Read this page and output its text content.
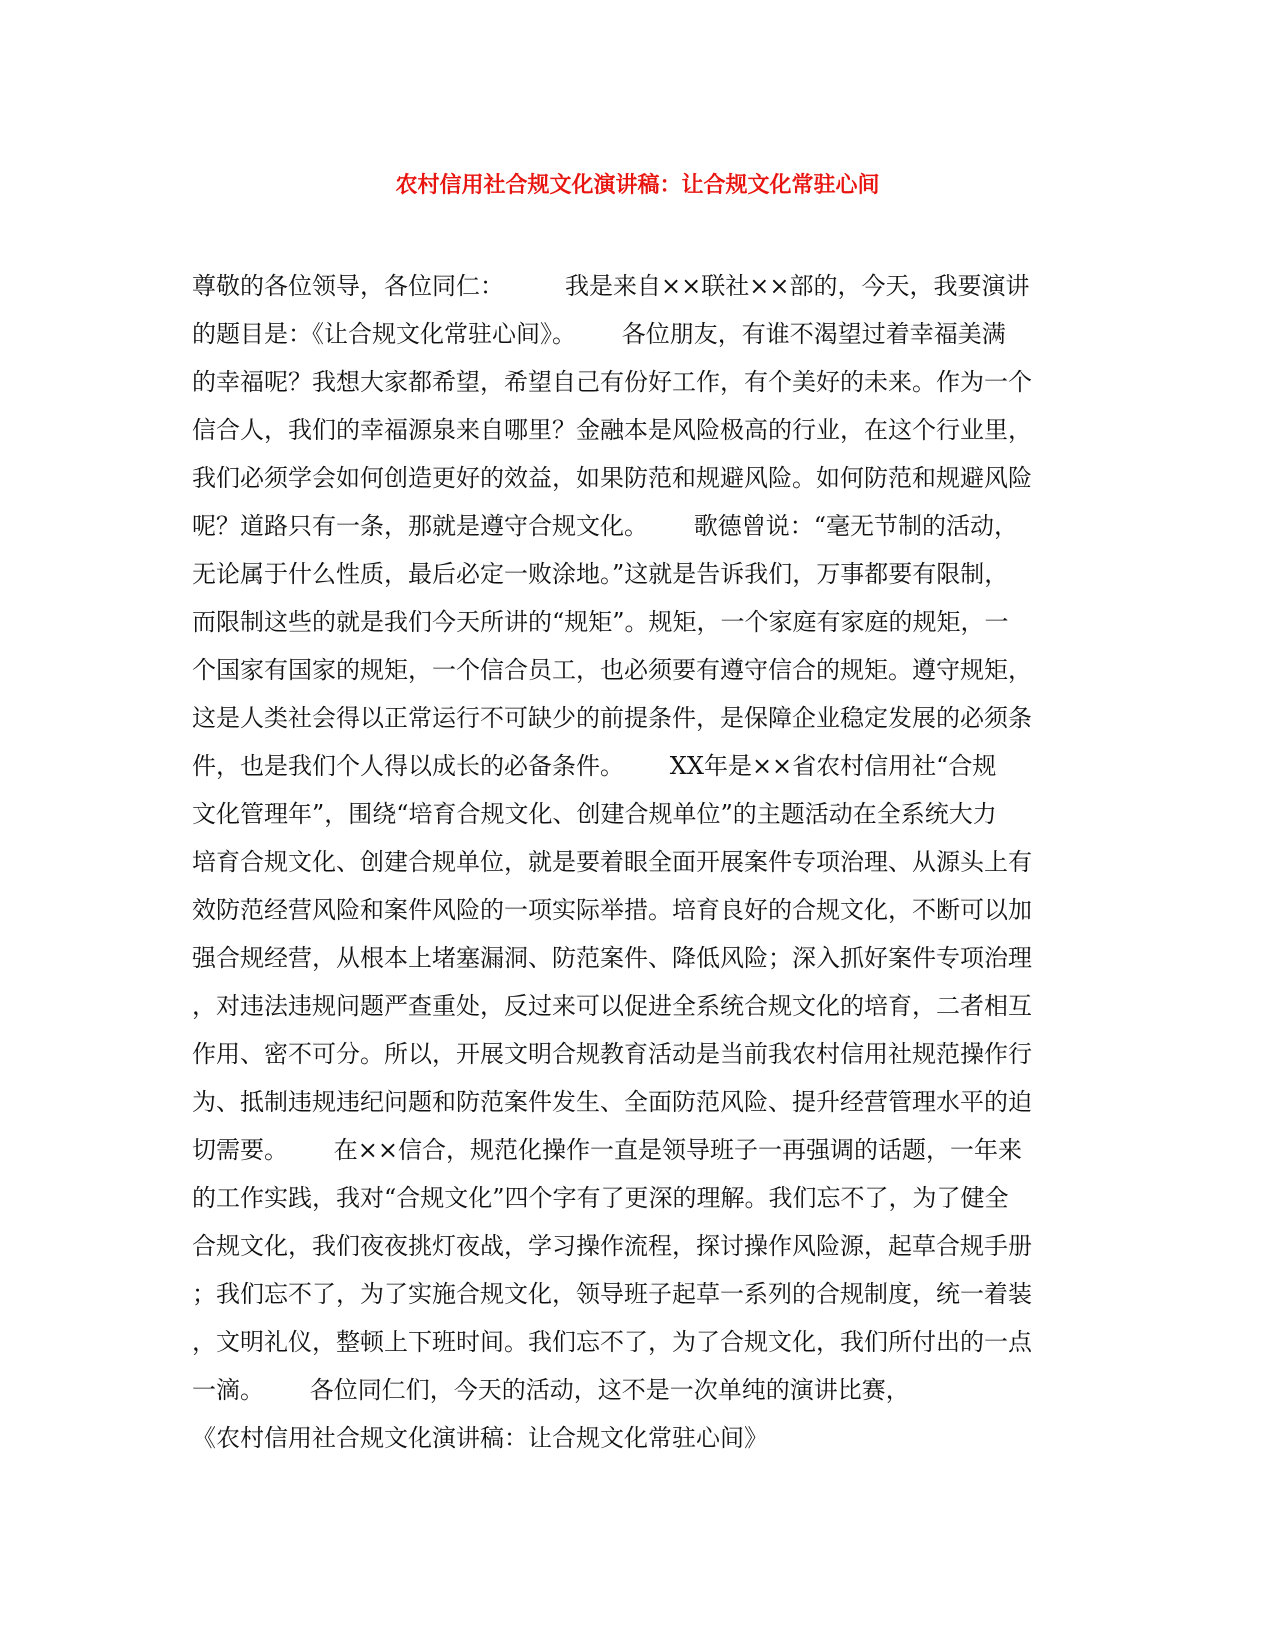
农村信用社合规文化演讲稿：让合规文化常驻心间
尊敬的各位领导，各位同仁：        我是来自××联社××部的，今天，我要演讲
的题目是：《让合规文化常驻心间》。      各位朋友，有谁不渴望过着幸福美满
的幸福呢？我想大家都希望，希望自己有份好工作，有个美好的未来。作为一个
信合人，我们的幸福源泉来自哪里？金融本是风险极高的行业，在这个行业里，
我们必须学会如何创造更好的效益，如果防范和规避风险。如何防范和规避风险
呢？道路只有一条，那就是遵守合规文化。      歌德曾说：“毫无节制的活动，
无论属于什么性质，最后必定一败涂地。”这就是告诉我们，万事都要有限制，
而限制这些的就是我们今天所讲的“规矩”。规矩，一个家庭有家庭的规矩，一
个国家有国家的规矩，一个信合员工，也必须要有遵守信合的规矩。遵守规矩，
这是人类社会得以正常运行不可缺少的前提条件，是保障企业稳定发展的必须条
件，也是我们个人得以成长的必备条件。      XX年是××省农村信用社“合规
文化管理年”，围绕“培育合规文化、创建合规单位”的主题活动在全系统大力
培育合规文化、创建合规单位，就是要着眼全面开展案件专项治理、从源头上有
效防范经营风险和案件风险的一项实际举措。培育良好的合规文化，不断可以加
强合规经营，从根本上堵塞漏洞、防范案件、降低风险；深入抓好案件专项治理
，对违法违规问题严查重处，反过来可以促进全系统合规文化的培育，二者相互
作用、密不可分。所以，开展文明合规教育活动是当前我农村信用社规范操作行
为、抵制违规违纪问题和防范案件发生、全面防范风险、提升经营管理水平的迫
切需要。      在××信合，规范化操作一直是领导班子一再强调的话题，一年来
的工作实践，我对“合规文化”四个字有了更深的理解。我们忘不了，为了健全
合规文化，我们夜夜挑灯夜战，学习操作流程，探讨操作风险源，起草合规手册
；我们忘不了，为了实施合规文化，领导班子起草一系列的合规制度，统一着装
，文明礼仪，整顿上下班时间。我们忘不了，为了合规文化，我们所付出的一点
一滴。      各位同仁们，今天的活动，这不是一次单纯的演讲比赛，
《农村信用社合规文化演讲稿：让合规文化常驻心间》
